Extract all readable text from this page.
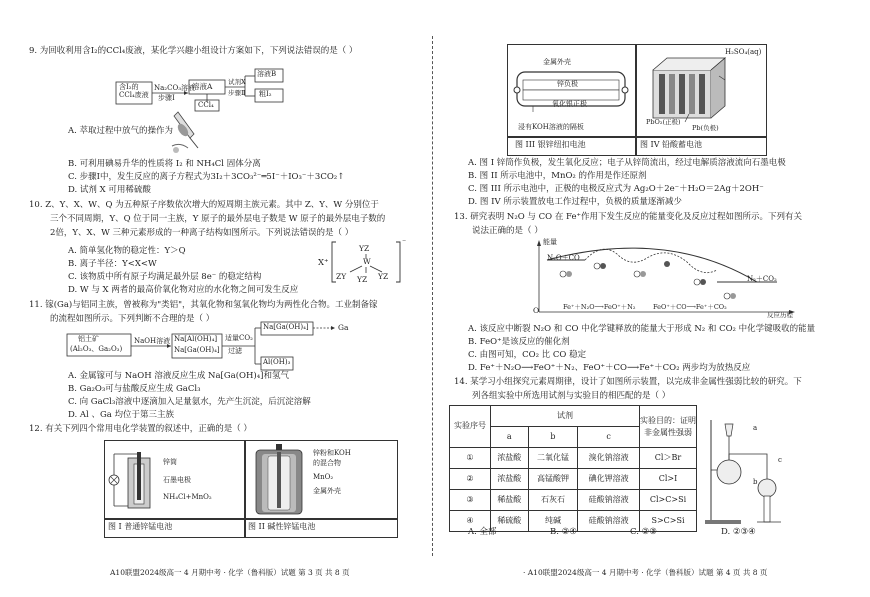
9. 为回收利用含I₂的CCl₄废液，某化学兴趣小组设计方案如下，下列说法错误的是（ ）
含I₂的CCl₄废液
Na₂CO₃溶液
步骤Ⅰ
溶液A
CCl₄
试剂X
步骤Ⅱ
溶液B
粗I₂
A. 萃取过程中放气的操作为
B. 可利用碘易升华的性质将 I₂ 和 NH₄Cl 固体分离
C. 步骤Ⅰ中，发生反应的离子方程式为3I₂＋3CO₃²⁻═5I⁻＋IO₃⁻＋3CO₂↑
D. 试剂 X 可用稀硫酸
10. Z、Y、X、W、Q 为五种原子序数依次增大的短周期主族元素。其中 Z、Y、W 分别位于
三个不同周期，Y、Q 位于同一主族，Y 原子的最外层电子数是 W 原子的最外层电子数的
2倍，Y、X、W 三种元素形成的一种离子结构如图所示。下列说法错误的是（ ）
A. 简单氢化物的稳定性：Y＞Q
B. 离子半径：Y<X<W
C. 该物质中所有原子均满足最外层 8e⁻ 的稳定结构
D. W 与 X 两者的最高价氧化物对应的水化物之间可发生反应
X⁺
YZ
W
ZY YZ YZ
⁻
11. 镓(Ga)与铝同主族，曾被称为"类铝"，其氧化物和氢氧化物均为两性化合物。工业制备镓
的流程如图所示。下列判断不合理的是（ ）
铝土矿
(Al₂O₃、Ga₂O₃)
NaOH溶液 Na[Al(OH)₄]
Na[Ga(OH)₄]
适量CO₂
过滤
Na[Ga(OH)₄]
Al(OH)₃
Ga
A. 金属镓可与 NaOH 溶液反应生成 Na[Ga(OH)₄]和氢气
B. Ga₂O₃可与盐酸反应生成 GaCl₃
C. 向 GaCl₃溶液中逐滴加入足量氨水，先产生沉淀，后沉淀溶解
D. Al 、Ga 均位于第三主族
12. 有关下列四个常用电化学装置的叙述中，正确的是（ ）
锌筒
石墨电极
NH₄Cl+MnO₂
图 I 普通锌锰电池
锌粉和KOH
的混合物
MnO₂
金属外壳
图 II 碱性锌锰电池
A10联盟2024级高一 4 月期中考 · 化学（鲁科版）试题 第 3 页 共 8 页
金属外壳
锌负极
氧化银正极
浸有KOH溶液的隔板
图 III 银锌纽扣电池
H₂SO₄(aq)
PbO₂(正极)
Pb(负极)
图 IV 铅酸蓄电池
A. 图 I 锌筒作负极，发生氧化反应；电子从锌筒流出，经过电解质溶液流向石墨电极
B. 图 II 所示电池中，MnO₂ 的作用是作还原剂
C. 图 III 所示电池中，正极的电极反应式为 Ag₂O＋2e⁻＋H₂O＝2Ag＋2OH⁻
D. 图 IV 所示装置放电工作过程中，负极的质量逐渐减少
13. 研究表明 N₂O 与 CO 在 Fe⁺作用下发生反应的能量变化及反应过程如图所示。下列有关
说法正确的是（ ）
能量
O
N₂O＋CO
N₂＋CO₂
Fe⁺＋N₂O⟶FeO⁺＋N₂	FeO⁺＋CO⟶Fe⁺＋CO₂
反应历程
A. 该反应中断裂 N₂O 和 CO 中化学键释放的能量大于形成 N₂ 和 CO₂ 中化学键吸收的能量
B. FeO⁺是该反应的催化剂
C. 由图可知，CO₂ 比 CO 稳定
D. Fe⁺＋N₂O⟶FeO⁺＋N₂、FeO⁺＋CO⟶Fe⁺＋CO₂ 两步均为放热反应
14. 某学习小组探究元素周期律，设计了如图所示装置，以完成非金属性强弱比较的研究。下
列各组实验中所选用试剂与实验目的相匹配的是（ ）
实验序号	试剂			实验目的：证明
非金属性强弱
	a	b	c	
①	浓盐酸	二氧化锰	溴化钠溶液	Cl＞Br
②	浓盐酸	高锰酸钾	碘化钾溶液	Cl>I
③	稀盐酸	石灰石	硅酸钠溶液	Cl>C>Si
④	稀硫酸	纯碱	硅酸钠溶液	S>C>Si
a
b
c
A. 全部	B. ②④	C. ②③	D. ②③④
· A10联盟2024级高一 4 月期中考 · 化学（鲁科版）试题 第 4 页 共 8 页
